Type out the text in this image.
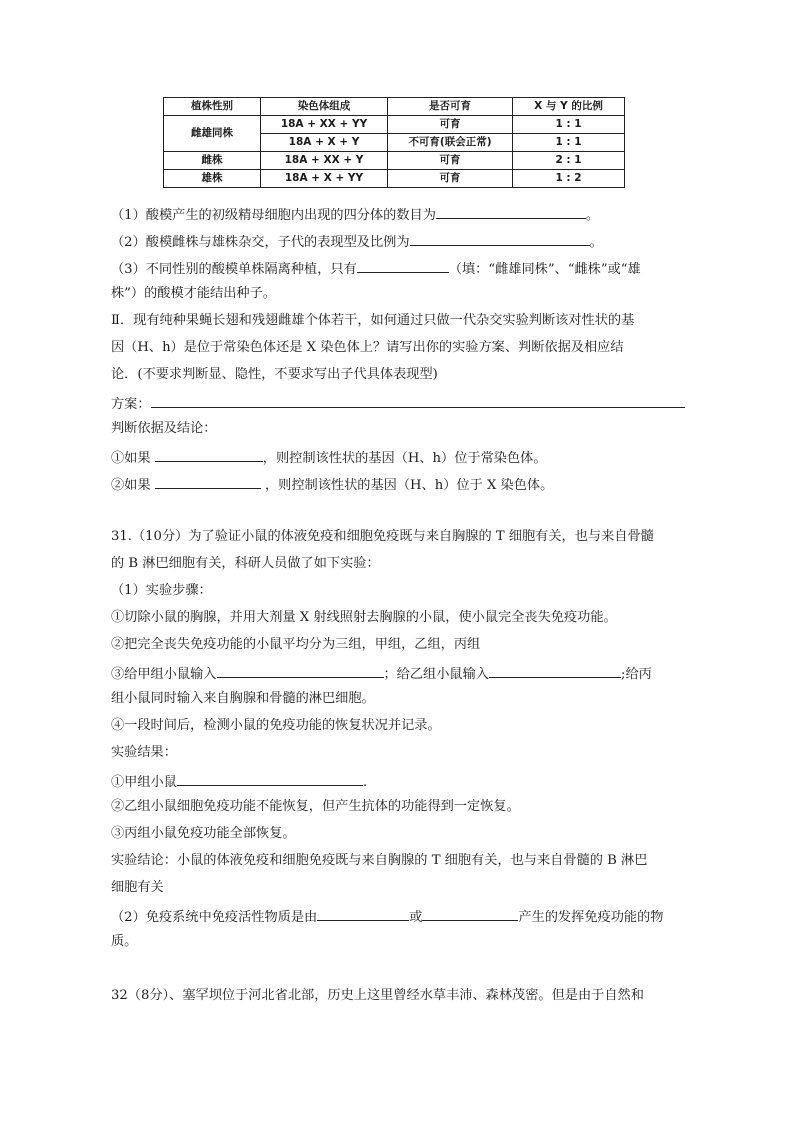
植株性别	染色体组成	是否可育	X 与 Y 的比例
雌雄同株	18A + XX + YY	可育	1 : 1
	18A + X + Y	不可育(联会正常)	1 : 1
雌株	18A + XX + Y	可育	2 : 1
雄株	18A + X + YY	可育	1 : 2
（1）酸模产生的初级精母细胞内出现的四分体的数目为	。
（2）酸模雌株与雄株杂交，子代的表现型及比例为	。
（3）不同性别的酸模单株隔离种植，只有	（填：“雌雄同株”、“雌株”或“雄
株”）的酸模才能结出种子。
Ⅱ．现有纯种果蝇长翅和残翅雌雄个体若干，如何通过只做一代杂交实验判断该对性状的基
因（H、h）是位于常染色体还是 X 染色体上？请写出你的实验方案、判断依据及相应结
论．(不要求判断显、隐性，不要求写出子代具体表现型)
方案：
判断依据及结论：
①如果	，则控制该性状的基因（H、h）位于常染色体。
②如果	，则控制该性状的基因（H、h）位于 X 染色体。
31.（10分）为了验证小鼠的体液免疫和细胞免疫既与来自胸腺的 T 细胞有关，也与来自骨髓
的 B 淋巴细胞有关，科研人员做了如下实验：
（1）实验步骤：
①切除小鼠的胸腺，并用大剂量 X 射线照射去胸腺的小鼠，使小鼠完全丧失免疫功能。
②把完全丧失免疫功能的小鼠平均分为三组，甲组，乙组，丙组
③给甲组小鼠输入	；给乙组小鼠输入	;给丙
组小鼠同时输入来自胸腺和骨髓的淋巴细胞。
④一段时间后，检测小鼠的免疫功能的恢复状况并记录。
实验结果：
①甲组小鼠	.
②乙组小鼠细胞免疫功能不能恢复，但产生抗体的功能得到一定恢复。
③丙组小鼠免疫功能全部恢复。
实验结论：小鼠的体液免疫和细胞免疫既与来自胸腺的 T 细胞有关，也与来自骨髓的 B 淋巴
细胞有关
（2）免疫系统中免疫活性物质是由	或	产生的发挥免疫功能的物
质。
32（8分）、塞罕坝位于河北省北部，历史上这里曾经水草丰沛、森林茂密。但是由于自然和
